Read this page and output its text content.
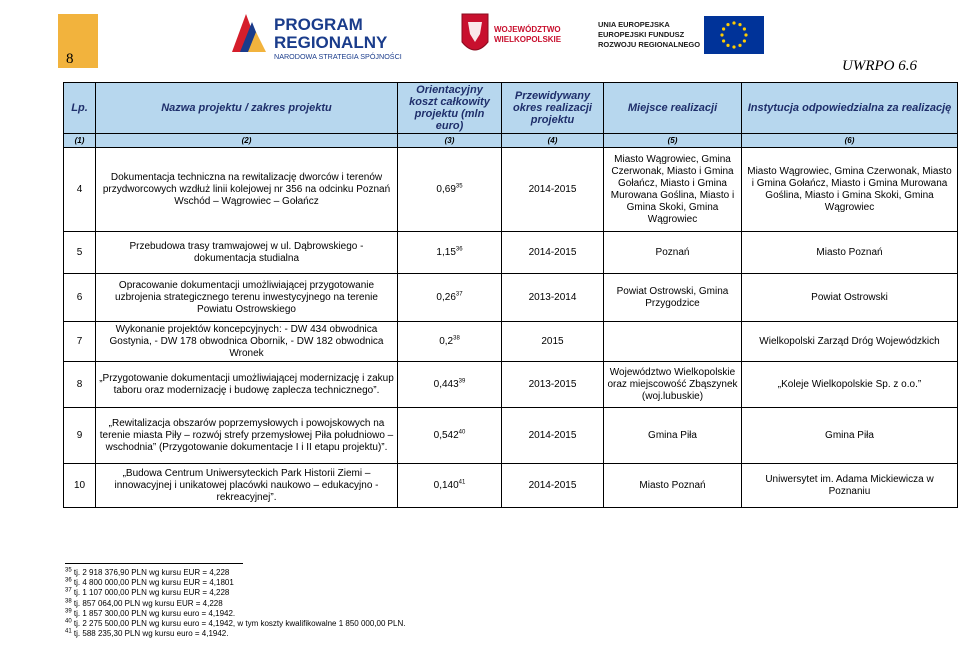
8
PROGRAM
REGIONALNY
NARODOWA STRATEGIA SPÓJNOŚCI
WOJEWÓDZTWO
WIELKOPOLSKIE
UNIA EUROPEJSKA
EUROPEJSKI FUNDUSZ
ROZWOJU REGIONALNEGO
UWRPO 6.6
Lp.	Nazwa projektu / zakres projektu	Orientacyjny koszt całkowity projektu (mln euro)	Przewidywany okres realizacji projektu	Miejsce realizacji	Instytucja odpowiedzialna za realizację
(1)	(2)	(3)	(4)	(5)	(6)
4	Dokumentacja techniczna na rewitalizację dworców i terenów przydworcowych wzdłuż linii kolejowej nr 356 na odcinku Poznań Wschód – Wągrowiec – Gołańcz	0,69$^{35}$	2014-2015	Miasto Wągrowiec, Gmina Czerwonak, Miasto i Gmina Gołańcz, Miasto i Gmina Murowana Goślina, Miasto i Gmina Skoki, Gmina Wągrowiec	Miasto Wągrowiec, Gmina Czerwonak, Miasto i Gmina Gołańcz, Miasto i Gmina Murowana Goślina, Miasto i Gmina Skoki, Gmina Wągrowiec
5	Przebudowa trasy tramwajowej w ul. Dąbrowskiego - dokumentacja studialna	1,15$^{36}$	2014-2015	Poznań	Miasto Poznań
6	Opracowanie dokumentacji umożliwiającej przygotowanie uzbrojenia strategicznego terenu inwestycyjnego na terenie Powiatu Ostrowskiego	0,26$^{37}$	2013-2014	Powiat Ostrowski, Gmina Przygodzice	Powiat Ostrowski
7	Wykonanie projektów koncepcyjnych: - DW 434 obwodnica Gostynia, - DW 178 obwodnica Obornik, - DW 182 obwodnica Wronek	$0,2^{38}$	2015		Wielkopolski Zarząd Dróg Wojewódzkich
8	„Przygotowanie dokumentacji umożliwiającej modernizację i zakup taboru oraz modernizację i budowę zaplecza technicznego”.	0,443$^{39}$	2013-2015	Województwo Wielkopolskie oraz miejscowość Zbąszynek (woj.lubuskie)	„Koleje Wielkopolskie Sp. z o.o.”
9	„Rewitalizacja obszarów poprzemysłowych i powojskowych na terenie miasta Piły – rozwój strefy przemysłowej Piła południowo – wschodnia” (Przygotowanie dokumentacje I i II etapu projektu)”.	0,542$^{40}$	2014-2015	Gmina Piła	Gmina Piła
10	„Budowa Centrum Uniwersyteckich Park Historii Ziemi – innowacyjnej i unikatowej placówki naukowo – edukacyjno - rekreacyjnej”.	0,140$^{41}$	2014-2015	Miasto Poznań	Uniwersytet im. Adama Mickiewicza w Poznaniu
$^{35}$ tj. 2 918 376,90 PLN wg kursu EUR = 4,228
$^{36}$ tj. 4 800 000,00 PLN wg kursu EUR = 4,1801
$^{37}$ tj. 1 107 000,00 PLN wg kursu EUR = 4,228
$^{38}$ tj. 857 064,00 PLN wg kursu EUR = 4,228
$^{39}$ tj. 1 857 300,00 PLN wg kursu euro = 4,1942.
$^{40}$ tj. 2 275 500,00 PLN wg kursu euro = 4,1942, w tym koszty kwalifikowalne 1 850 000,00 PLN.
$^{41}$ tj. 588 235,30 PLN wg kursu euro = 4,1942.
